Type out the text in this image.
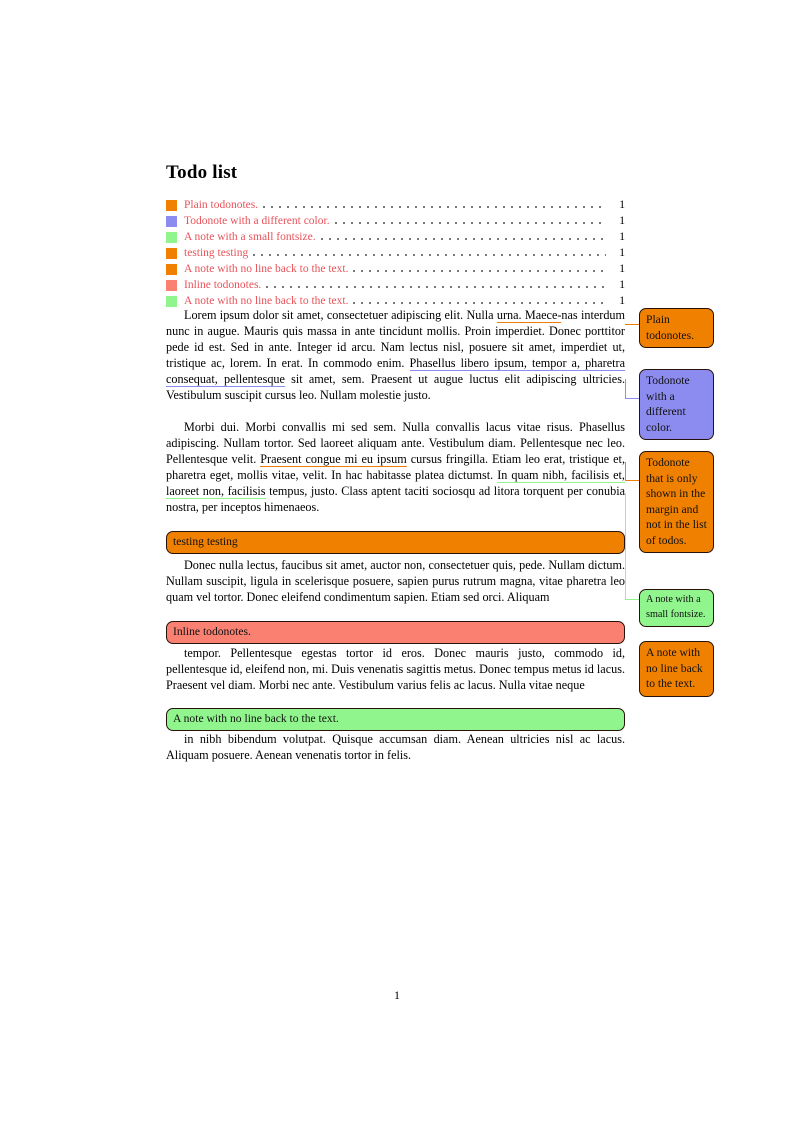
Todo list
Plain todonotes.	1
Todonote with a different color.	1
A note with a small fontsize.	1
testing testing	1
A note with no line back to the text.	1
Inline todonotes.	1
A note with no line back to the text.	1

Lorem ipsum dolor sit amet, consectetuer adipiscing elit. Nulla urna. Maece-nas interdum nunc in augue. Mauris quis massa in ante tincidunt mollis. Proin imperdiet. Donec porttitor pede id est. Sed in ante. Integer id arcu. Nam lectus nisl, posuere sit amet, imperdiet ut, tristique ac, lorem. In erat. In commodo enim. Phasellus libero ipsum, tempor a, pharetra consequat, pellentesque sit amet, sem. Praesent ut augue luctus elit adipiscing ultricies. Vestibulum suscipit cursus leo. Nullam molestie justo.

Morbi dui. Morbi convallis mi sed sem. Nulla convallis lacus vitae risus. Phasellus adipiscing. Nullam tortor. Sed laoreet aliquam ante. Vestibulum diam. Pellentesque nec leo. Pellentesque velit. Praesent congue mi eu ipsum cursus fringilla. Etiam leo erat, tristique et, pharetra eget, mollis vitae, velit. In hac habitasse platea dictumst. In quam nibh, facilisis et, laoreet non, facilisis tempus, justo. Class aptent taciti sociosqu ad litora torquent per conubia nostra, per inceptos himenaeos.

testing testing

Donec nulla lectus, faucibus sit amet, auctor non, consectetuer quis, pede. Nullam dictum. Nullam suscipit, ligula in scelerisque posuere, sapien purus rutrum magna, vitae pharetra leo quam vel tortor. Donec eleifend condimentum sapien. Etiam sed orci. Aliquam

Inline todonotes.

tempor. Pellentesque egestas tortor id eros. Donec mauris justo, commodo id, pellentesque id, eleifend non, mi. Duis venenatis sagittis metus. Donec tempus metus id lacus. Praesent vel diam. Morbi nec ante. Vestibulum varius felis ac lacus. Nulla vitae neque

A note with no line back to the text.

in nibh bibendum volutpat. Quisque accumsan diam. Aenean ultricies nisl ac lacus. Aliquam posuere. Aenean venenatis tortor in felis.

Plain todonotes.
Todonote with a different color.
Todonote that is only shown in the margin and not in the list of todos.
A note with a small fontsize.
A note with no line back to the text.
1
